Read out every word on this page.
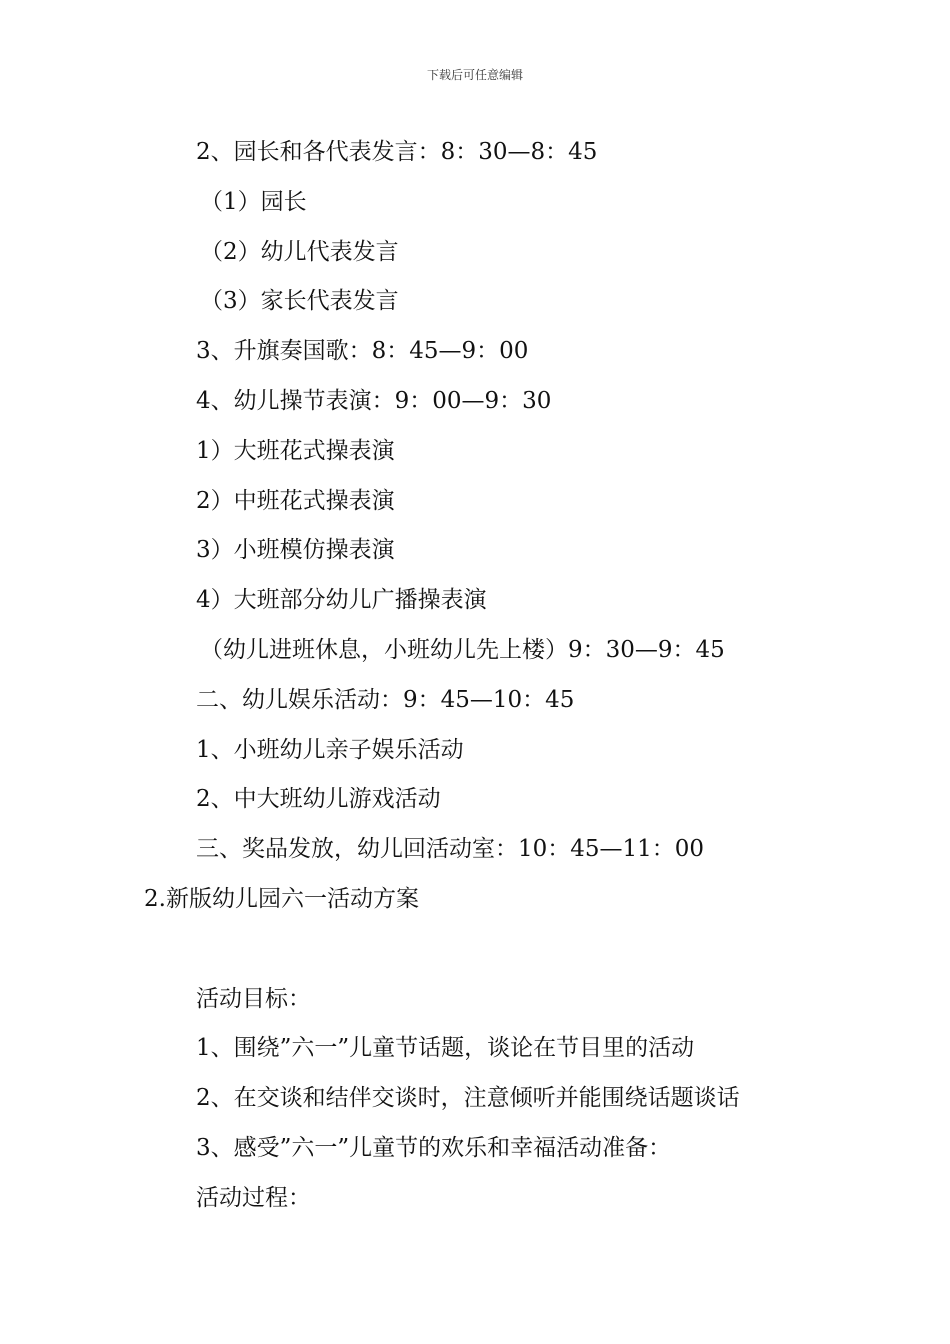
下载后可任意编辑
2、园长和各代表发言：8：30—8：45
（1）园长
（2）幼儿代表发言
（3）家长代表发言
3、升旗奏国歌：8：45—9：00
4、幼儿操节表演：9：00—9：30
1）大班花式操表演
2）中班花式操表演
3）小班模仿操表演
4）大班部分幼儿广播操表演
（幼儿进班休息，小班幼儿先上楼）9：30—9：45
二、幼儿娱乐活动：9：45—10：45
1、小班幼儿亲子娱乐活动
2、中大班幼儿游戏活动
三、奖品发放，幼儿回活动室：10：45—11：00
2.新版幼儿园六一活动方案
活动目标：
1、围绕”六一”儿童节话题，谈论在节目里的活动
2、在交谈和结伴交谈时，注意倾听并能围绕话题谈话
3、感受”六一”儿童节的欢乐和幸福活动准备：
活动过程：
